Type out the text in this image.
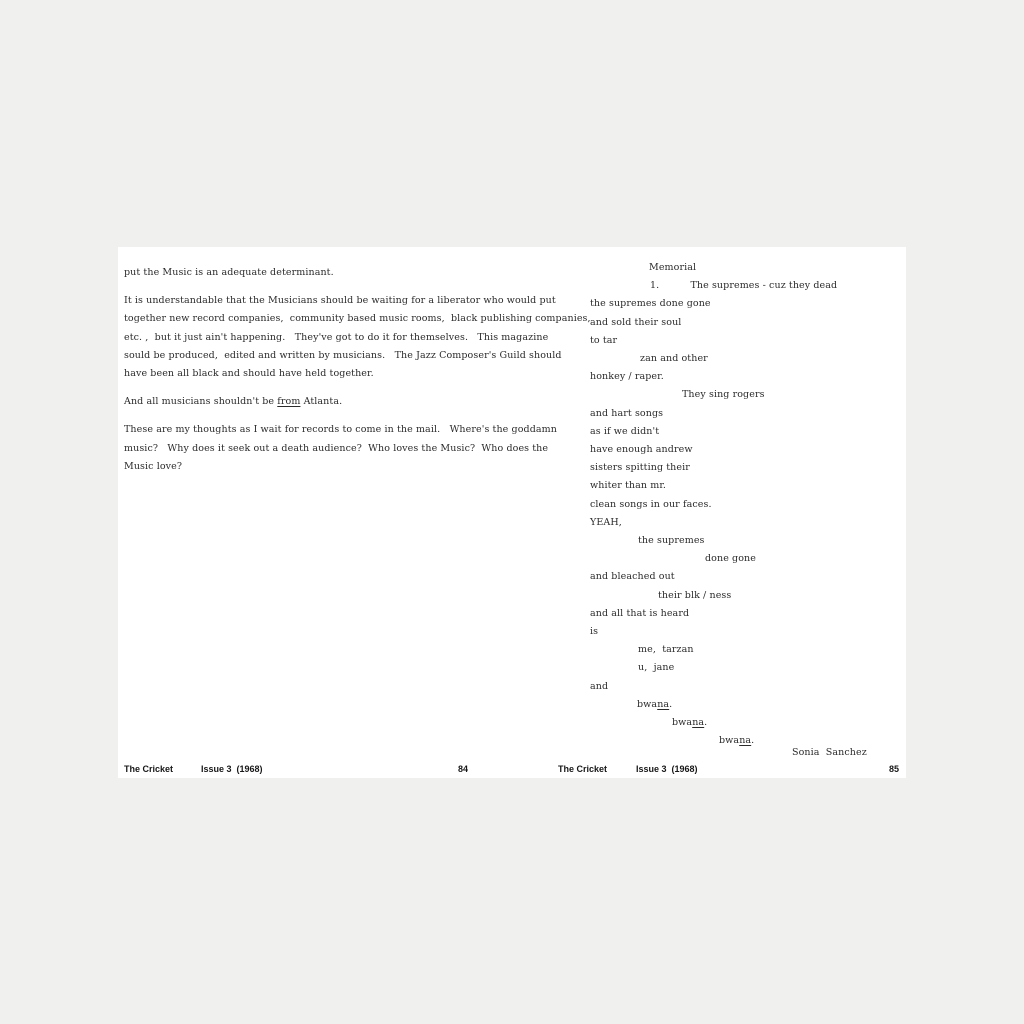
put the Music is an adequate determinant.
It is understandable that the Musicians should be waiting for a liberator who would put
together new record companies,  community based music rooms,  black publishing companies,
etc. ,  but it just ain't happening.   They've got to do it for themselves.   This magazine
sould be produced,  edited and written by musicians.   The Jazz Composer's Guild should
have been all black and should have held together.
And all musicians shouldn't be from Atlanta.
These are my thoughts as I wait for records to come in the mail.   Where's the goddamn
music?   Why does it seek out a death audience?  Who loves the Music?  Who does the
Music love?
Memorial
1.          The supremes - cuz they dead
the supremes done gone
and sold their soul
to tar
zan and other
honkey / raper.
They sing rogers
and hart songs
as if we didn't
have enough andrew
sisters spitting their
whiter than mr.
clean songs in our faces.
YEAH,
the supremes
done gone
and bleached out
their blk / ness
and all that is heard
is
me,  tarzan
u,  jane
and
bwana.
bwana.
bwana.
Sonia  Sanchez
The Cricket	Issue 3  (1968)	84	The Cricket	Issue 3  (1968)	85
